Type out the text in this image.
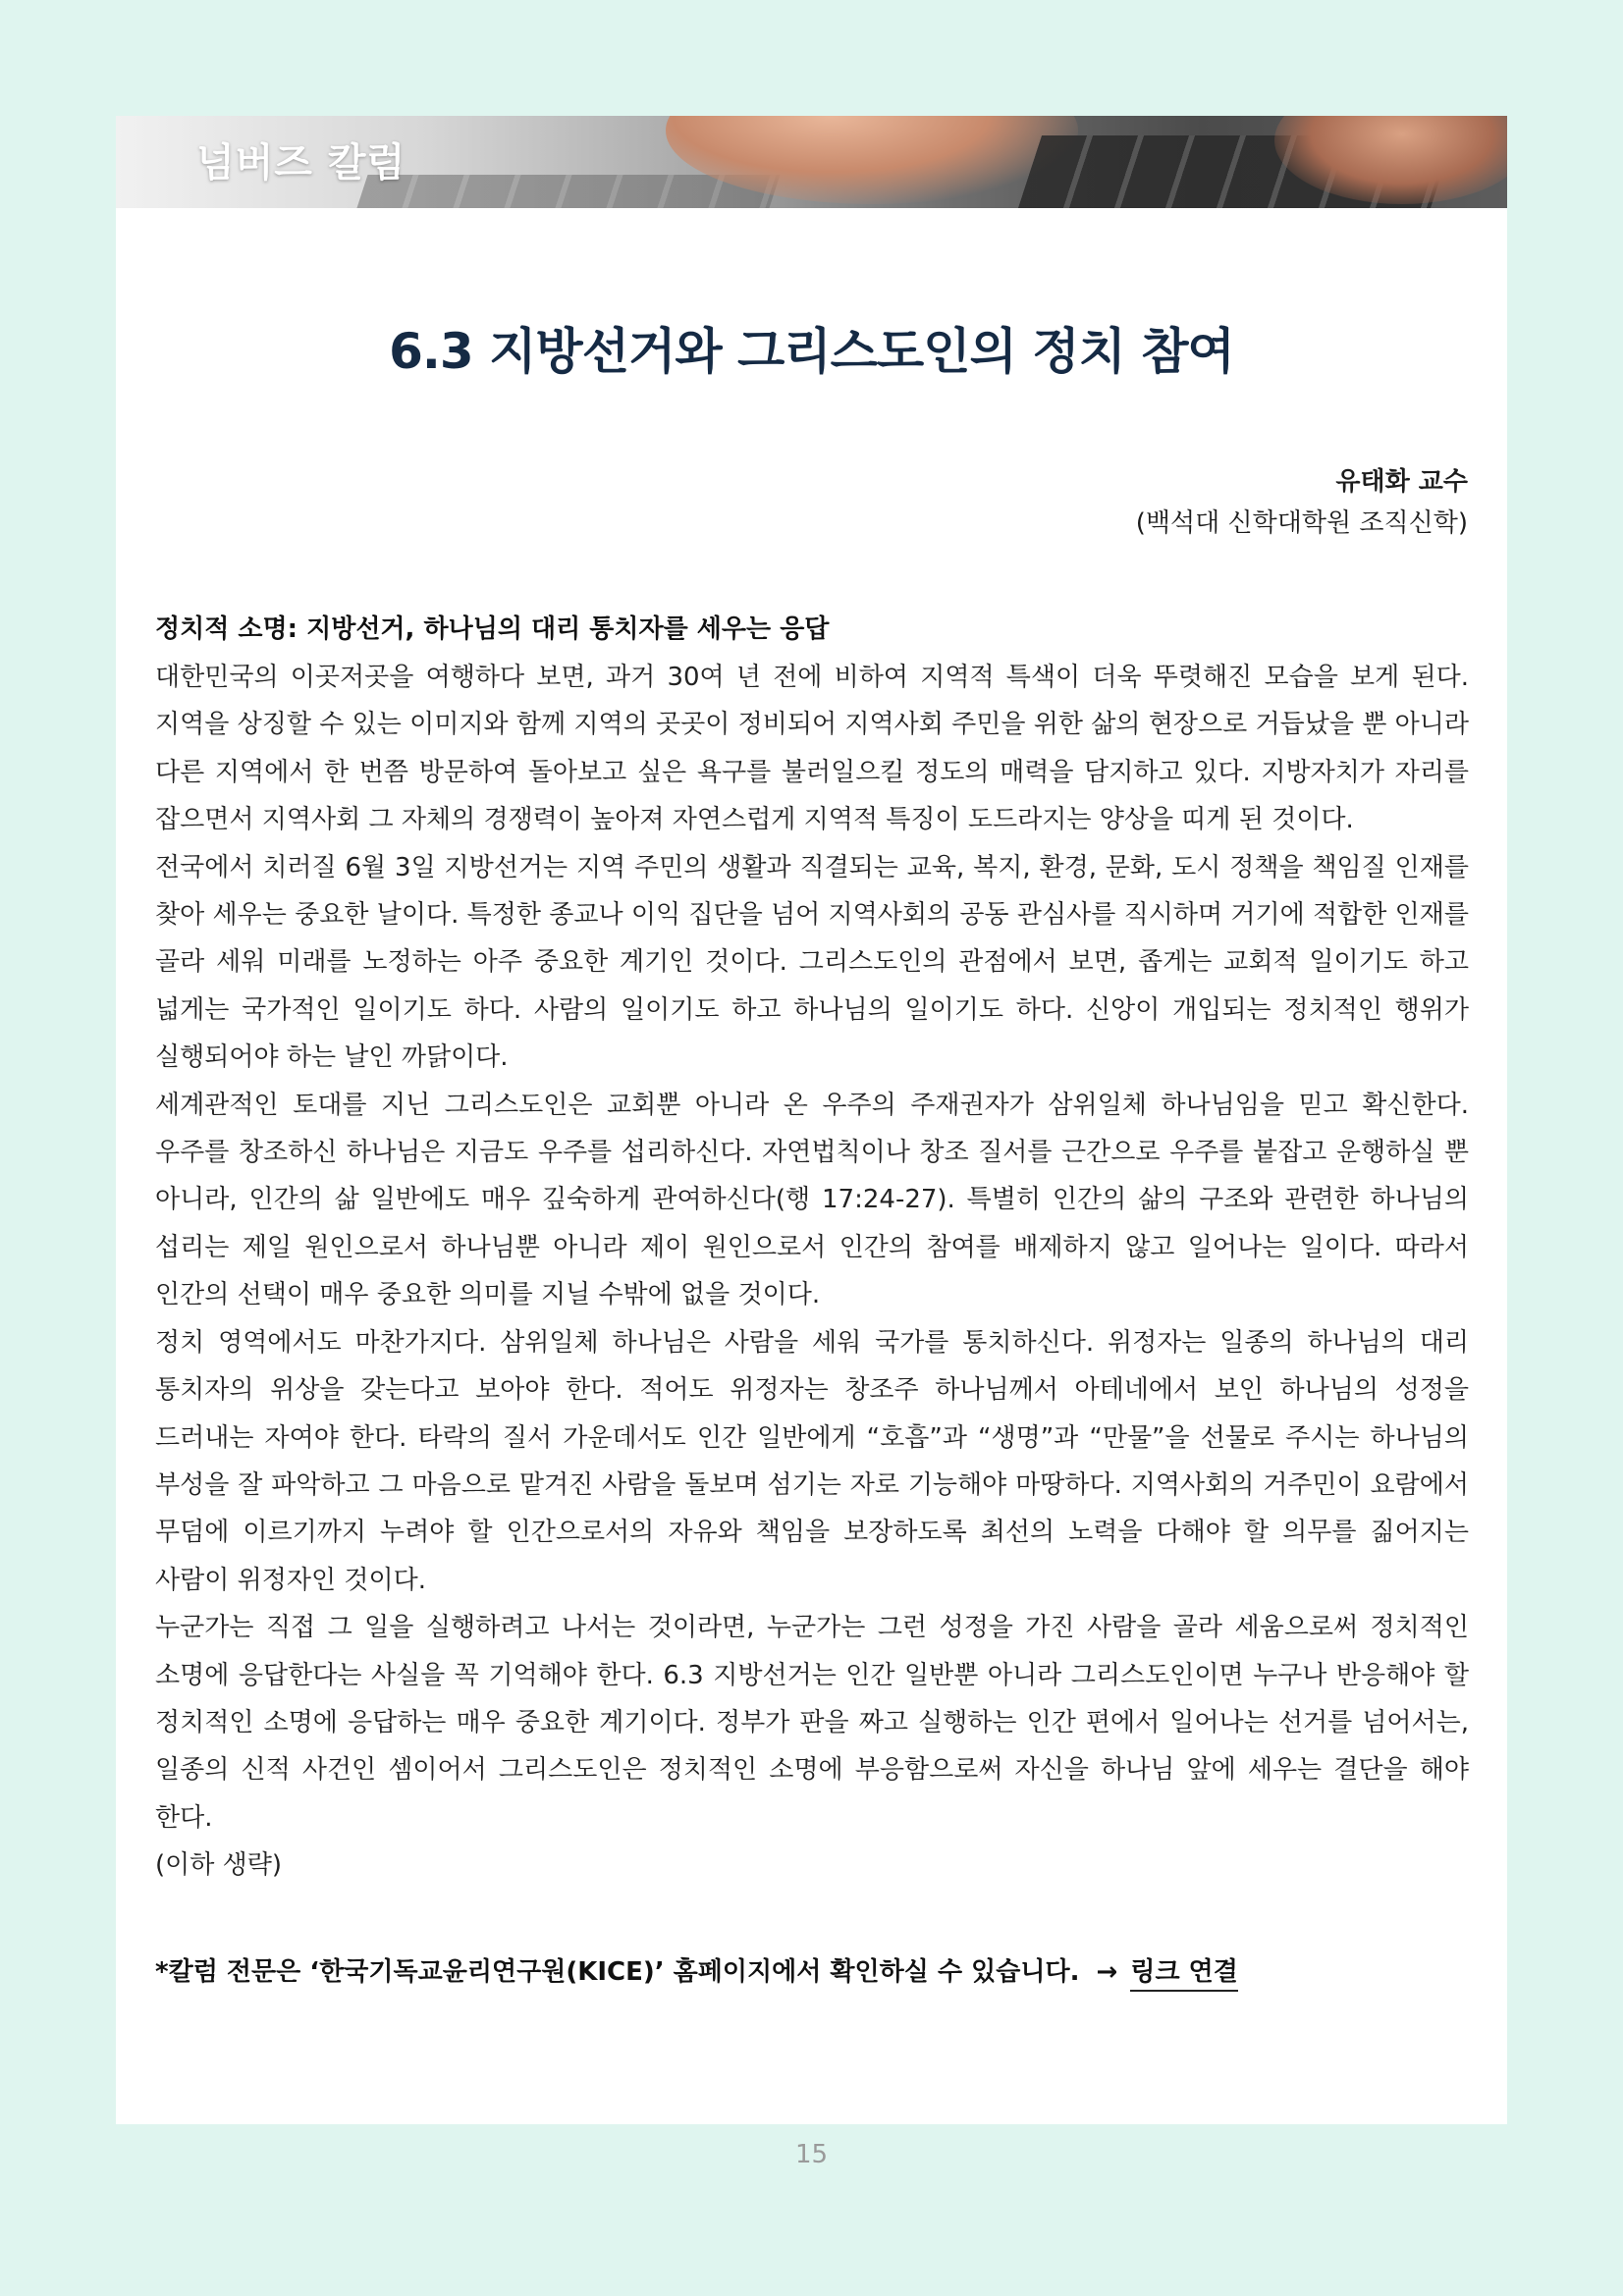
넘버즈 칼럼
6.3 지방선거와 그리스도인의 정치 참여
유태화 교수
(백석대 신학대학원 조직신학)
정치적 소명: 지방선거, 하나님의 대리 통치자를 세우는 응답

대한민국의 이곳저곳을 여행하다 보면, 과거 30여 년 전에 비하여 지역적 특색이 더욱 뚜렷해진 모습을 보게 된다. 지역을 상징할 수 있는 이미지와 함께 지역의 곳곳이 정비되어 지역사회 주민을 위한 삶의 현장으로 거듭났을 뿐 아니라 다른 지역에서 한 번쯤 방문하여 돌아보고 싶은 욕구를 불러일으킬 정도의 매력을 담지하고 있다. 지방자치가 자리를 잡으면서 지역사회 그 자체의 경쟁력이 높아져 자연스럽게 지역적 특징이 도드라지는 양상을 띠게 된 것이다.

전국에서 치러질 6월 3일 지방선거는 지역 주민의 생활과 직결되는 교육, 복지, 환경, 문화, 도시 정책을 책임질 인재를 찾아 세우는 중요한 날이다. 특정한 종교나 이익 집단을 넘어 지역사회의 공동 관심사를 직시하며 거기에 적합한 인재를 골라 세워 미래를 노정하는 아주 중요한 계기인 것이다. 그리스도인의 관점에서 보면, 좁게는 교회적 일이기도 하고 넓게는 국가적인 일이기도 하다. 사람의 일이기도 하고 하나님의 일이기도 하다. 신앙이 개입되는 정치적인 행위가 실행되어야 하는 날인 까닭이다.

세계관적인 토대를 지닌 그리스도인은 교회뿐 아니라 온 우주의 주재권자가 삼위일체 하나님임을 믿고 확신한다. 우주를 창조하신 하나님은 지금도 우주를 섭리하신다. 자연법칙이나 창조 질서를 근간으로 우주를 붙잡고 운행하실 뿐 아니라, 인간의 삶 일반에도 매우 깊숙하게 관여하신다(행 17:24-27). 특별히 인간의 삶의 구조와 관련한 하나님의 섭리는 제일 원인으로서 하나님뿐 아니라 제이 원인으로서 인간의 참여를 배제하지 않고 일어나는 일이다. 따라서 인간의 선택이 매우 중요한 의미를 지닐 수밖에 없을 것이다.

정치 영역에서도 마찬가지다. 삼위일체 하나님은 사람을 세워 국가를 통치하신다. 위정자는 일종의 하나님의 대리 통치자의 위상을 갖는다고 보아야 한다. 적어도 위정자는 창조주 하나님께서 아테네에서 보인 하나님의 성정을 드러내는 자여야 한다. 타락의 질서 가운데서도 인간 일반에게 “호흡”과 “생명”과 “만물”을 선물로 주시는 하나님의 부성을 잘 파악하고 그 마음으로 맡겨진 사람을 돌보며 섬기는 자로 기능해야 마땅하다. 지역사회의 거주민이 요람에서 무덤에 이르기까지 누려야 할 인간으로서의 자유와 책임을 보장하도록 최선의 노력을 다해야 할 의무를 짊어지는 사람이 위정자인 것이다.

누군가는 직접 그 일을 실행하려고 나서는 것이라면, 누군가는 그런 성정을 가진 사람을 골라 세움으로써 정치적인 소명에 응답한다는 사실을 꼭 기억해야 한다. 6.3 지방선거는 인간 일반뿐 아니라 그리스도인이면 누구나 반응해야 할 정치적인 소명에 응답하는 매우 중요한 계기이다. 정부가 판을 짜고 실행하는 인간 편에서 일어나는 선거를 넘어서는, 일종의 신적 사건인 셈이어서 그리스도인은 정치적인 소명에 부응함으로써 자신을 하나님 앞에 세우는 결단을 해야 한다.

(이하 생략)

*칼럼 전문은 ‘한국기독교윤리연구원(KICE)’ 홈페이지에서 확인하실 수 있습니다. → 링크 연결
15
